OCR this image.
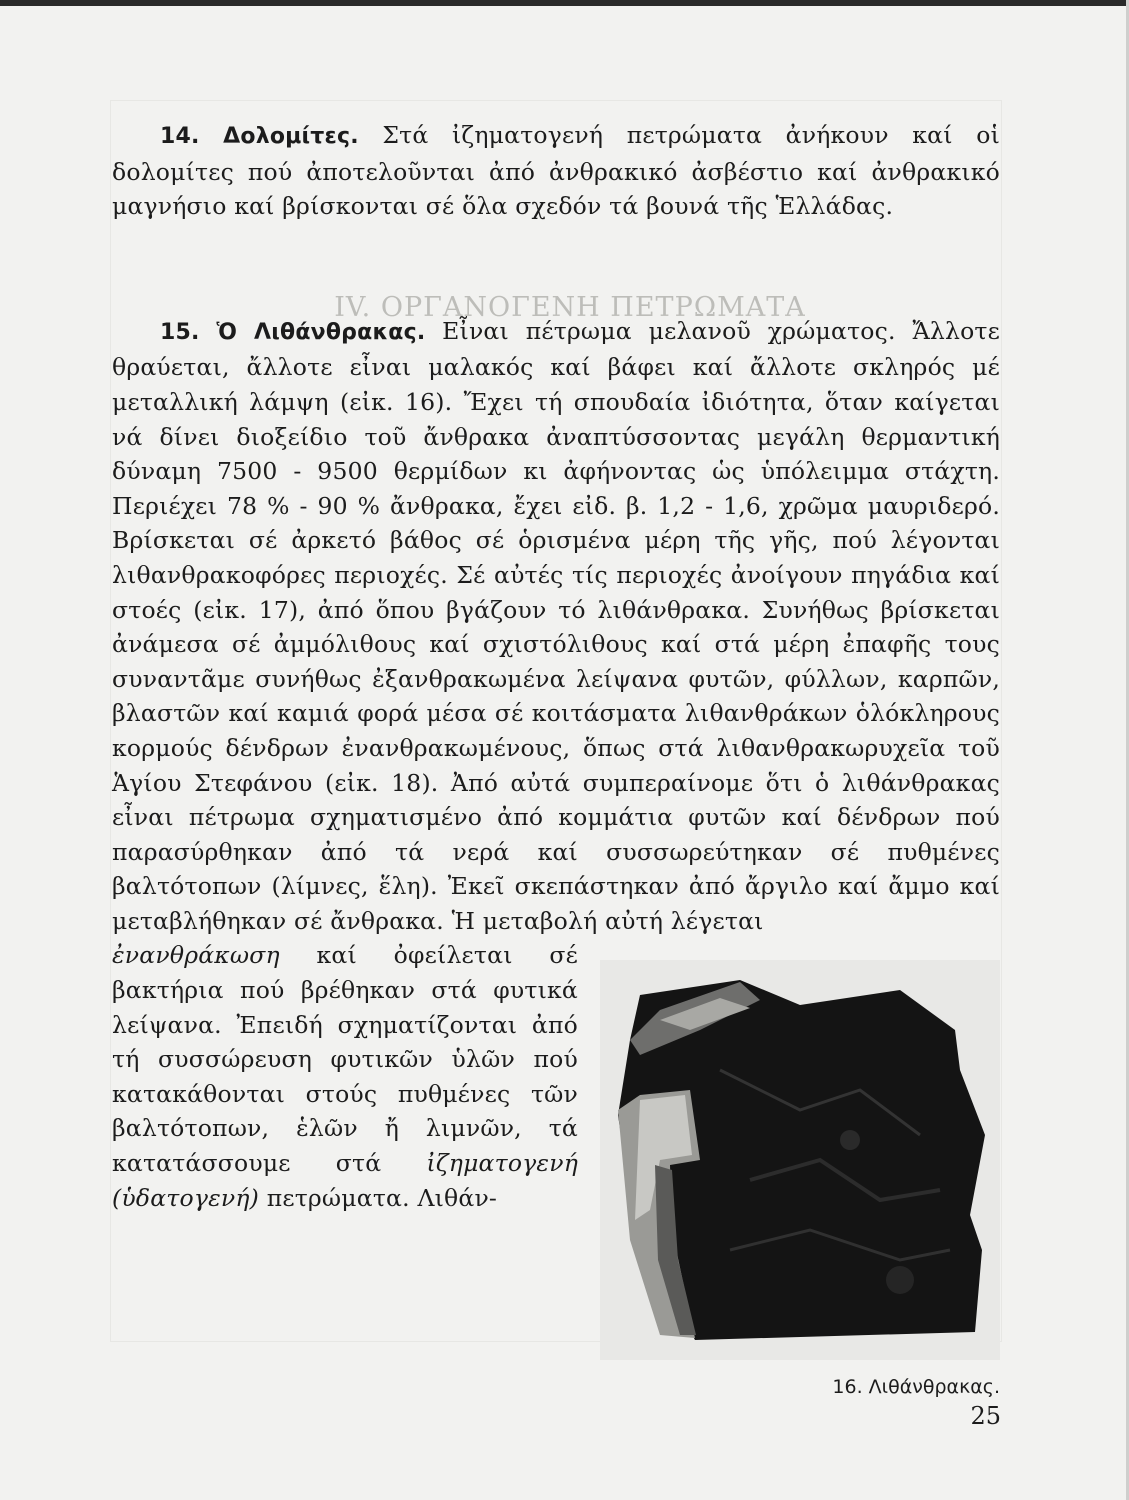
IV. ΟΡΓΑΝΟΓΕΝΗ ΠΕΤΡΩΜΑΤΑ

14. Δολομίτες. Στά ἰζηματογενή πετρώματα ἀνήκουν καί οἱ δολομίτες πού ἀποτελοῦνται ἀπό ἀνθρακικό ἀσβέστιο καί ἀνθρακικό μαγνήσιο καί βρίσκονται σέ ὅλα σχεδόν τά βουνά τῆς Ἑλλάδας.

15. Ὁ Λιθάνθρακας. Εἶναι πέτρωμα μελανοῦ χρώματος. Ἄλλοτε θραύεται, ἄλλοτε εἶναι μαλακός καί βάφει καί ἄλλοτε σκληρός μέ μεταλλική λάμψη (εἰκ. 16). Ἔχει τή σπουδαία ἰδιότητα, ὅταν καίγεται νά δίνει διοξείδιο τοῦ ἄνθρακα ἀναπτύσσοντας μεγάλη θερμαντική δύναμη 7500 - 9500 θερμίδων κι ἀφήνοντας ὡς ὑπόλειμμα στάχτη. Περιέχει 78 % - 90 % ἄνθρακα, ἔχει εἰδ. β. 1,2 - 1,6, χρῶμα μαυριδερό. Βρίσκεται σέ ἀρκετό βάθος σέ ὁρισμένα μέρη τῆς γῆς, πού λέγονται λιθανθρακοφόρες περιοχές. Σέ αὐτές τίς περιοχές ἀνοίγουν πηγάδια καί στοές (εἰκ. 17), ἀπό ὅπου βγάζουν τό λιθάνθρακα. Συνήθως βρίσκεται ἀνάμεσα σέ ἀμμόλιθους καί σχιστόλιθους καί στά μέρη ἐπαφῆς τους συναντᾶμε συνήθως ἐξανθρακωμένα λείψανα φυτῶν, φύλλων, καρπῶν, βλαστῶν καί καμιά φορά μέσα σέ κοιτάσματα λιθανθράκων ὁλόκληρους κορμούς δένδρων ἐνανθρακωμένους, ὅπως στά λιθανθρακωρυχεῖα τοῦ Ἁγίου Στεφάνου (εἰκ. 18). Ἀπό αὐτά συμπεραίνομε ὅτι ὁ λιθάνθρακας εἶναι πέτρωμα σχηματισμένο ἀπό κομμάτια φυτῶν καί δένδρων πού παρασύρθηκαν ἀπό τά νερά καί συσσωρεύτηκαν σέ πυθμένες βαλτότοπων (λίμνες, ἕλη). Ἐκεῖ σκεπάστηκαν ἀπό ἄργιλο καί ἄμμο καί μεταβλήθηκαν σέ ἄνθρακα. Ἡ μεταβολή αὐτή λέγεται

16. Λιθάνθρακας.

ἐνανθράκωση καί ὀφείλεται σέ βακτήρια πού βρέθηκαν στά φυτικά λείψανα. Ἐπειδή σχηματίζονται ἀπό τή συσσώρευση φυτικῶν ὑλῶν πού κατακάθονται στούς πυθμένες τῶν βαλτότοπων, ἑλῶν ἤ λιμνῶν, τά κατατάσσουμε στά ἰζηματογενή (ὑδατογενή) πετρώματα. Λιθάν-

25
